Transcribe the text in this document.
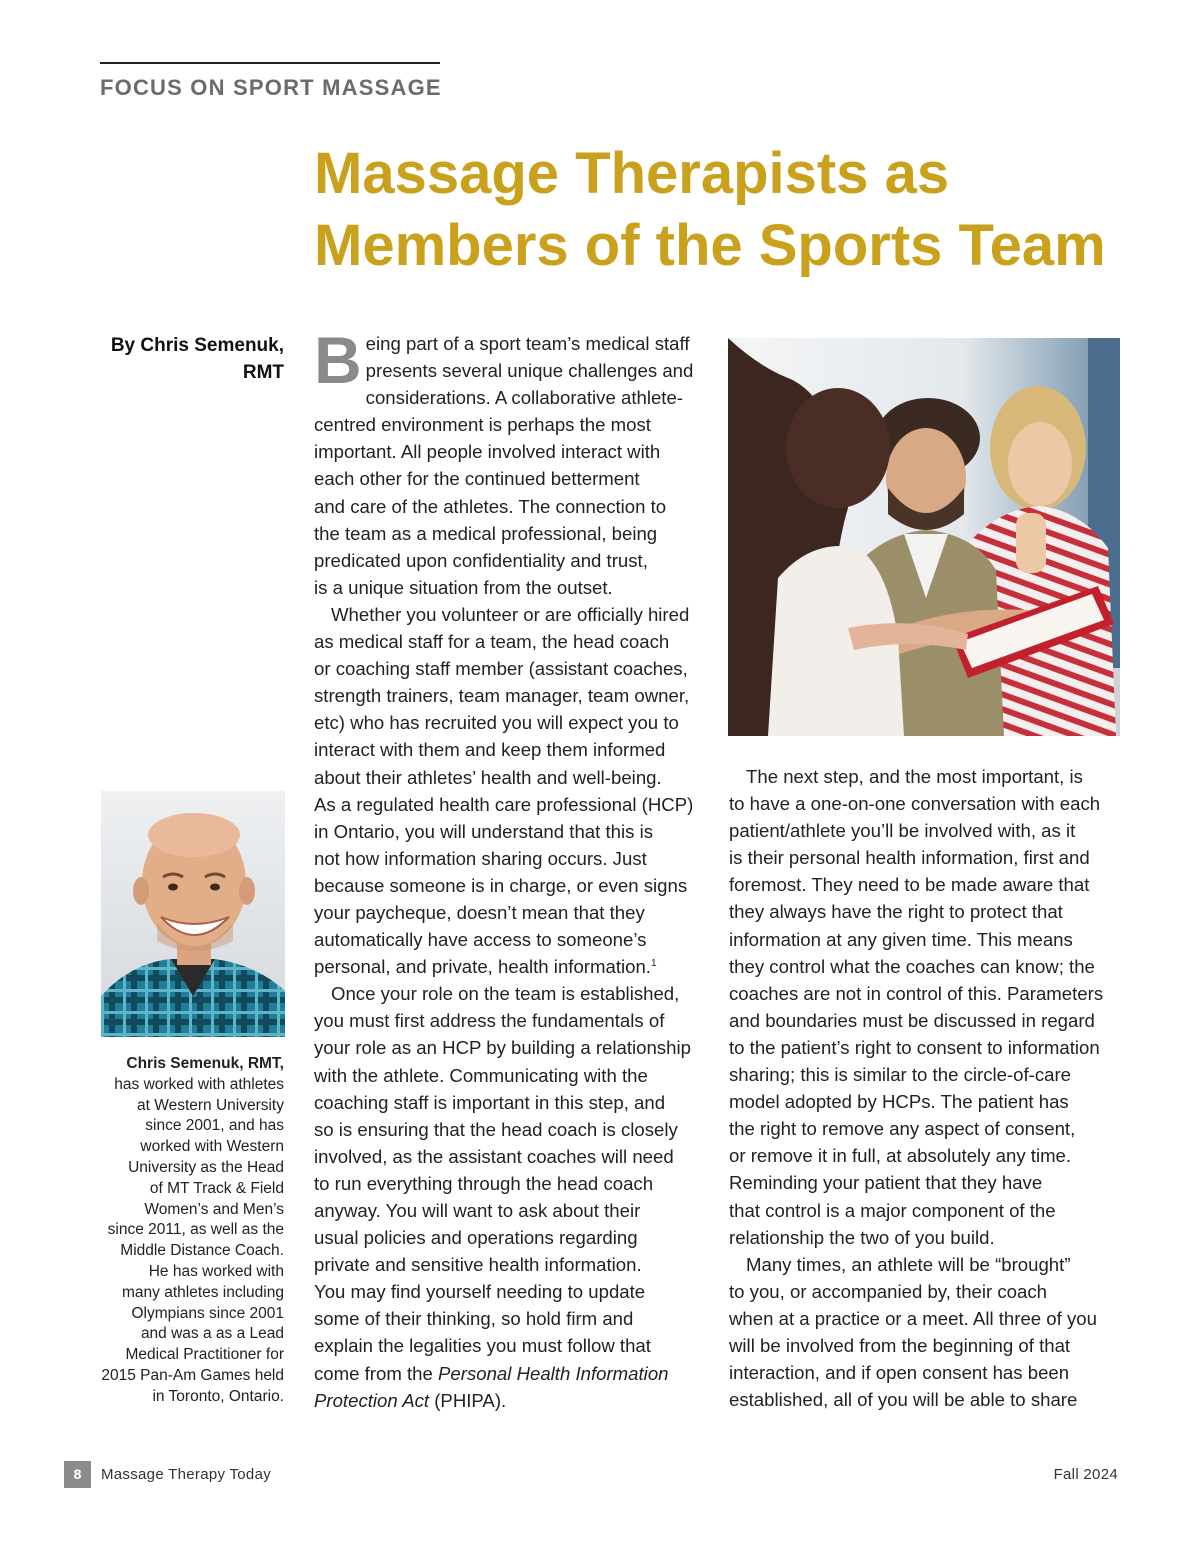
FOCUS ON SPORT MASSAGE
Massage Therapists as
Members of the Sports Team
By Chris Semenuk,
RMT
Chris Semenuk, RMT,
has worked with athletes
at Western University
since 2001, and has
worked with Western
University as the Head
of MT Track & Field
Women’s and Men’s
since 2011, as well as the
Middle Distance Coach.
He has worked with
many athletes including
Olympians since 2001
and was a as a Lead
Medical Practitioner for
2015 Pan-Am Games held
in Toronto, Ontario.
B eing part of a sport team’s medical staff
presents several unique challenges and
considerations. A collaborative athlete-
centred environment is perhaps the most
important. All people involved interact with
each other for the continued betterment
and care of the athletes. The connection to
the team as a medical professional, being
predicated upon confidentiality and trust,
is a unique situation from the outset.
Whether you volunteer or are officially hired
as medical staff for a team, the head coach
or coaching staff member (assistant coaches,
strength trainers, team manager, team owner,
etc) who has recruited you will expect you to
interact with them and keep them informed
about their athletes’ health and well-being.
As a regulated health care professional (HCP)
in Ontario, you will understand that this is
not how information sharing occurs. Just
because someone is in charge, or even signs
your paycheque, doesn’t mean that they
automatically have access to someone’s
personal, and private, health information.$^1$
Once your role on the team is established,
you must first address the fundamentals of
your role as an HCP by building a relationship
with the athlete. Communicating with the
coaching staff is important in this step, and
so is ensuring that the head coach is closely
involved, as the assistant coaches will need
to run everything through the head coach
anyway. You will want to ask about their
usual policies and operations regarding
private and sensitive health information.
You may find yourself needing to update
some of their thinking, so hold firm and
explain the legalities you must follow that
come from the Personal Health Information
Protection Act (PHIPA).
The next step, and the most important, is
to have a one-on-one conversation with each
patient/athlete you’ll be involved with, as it
is their personal health information, first and
foremost. They need to be made aware that
they always have the right to protect that
information at any given time. This means
they control what the coaches can know; the
coaches are not in control of this. Parameters
and boundaries must be discussed in regard
to the patient’s right to consent to information
sharing; this is similar to the circle-of-care
model adopted by HCPs. The patient has
the right to remove any aspect of consent,
or remove it in full, at absolutely any time.
Reminding your patient that they have
that control is a major component of the
relationship the two of you build.
Many times, an athlete will be “brought”
to you, or accompanied by, their coach
when at a practice or a meet. All three of you
will be involved from the beginning of that
interaction, and if open consent has been
established, all of you will be able to share
8	Massage Therapy Today	Fall 2024
